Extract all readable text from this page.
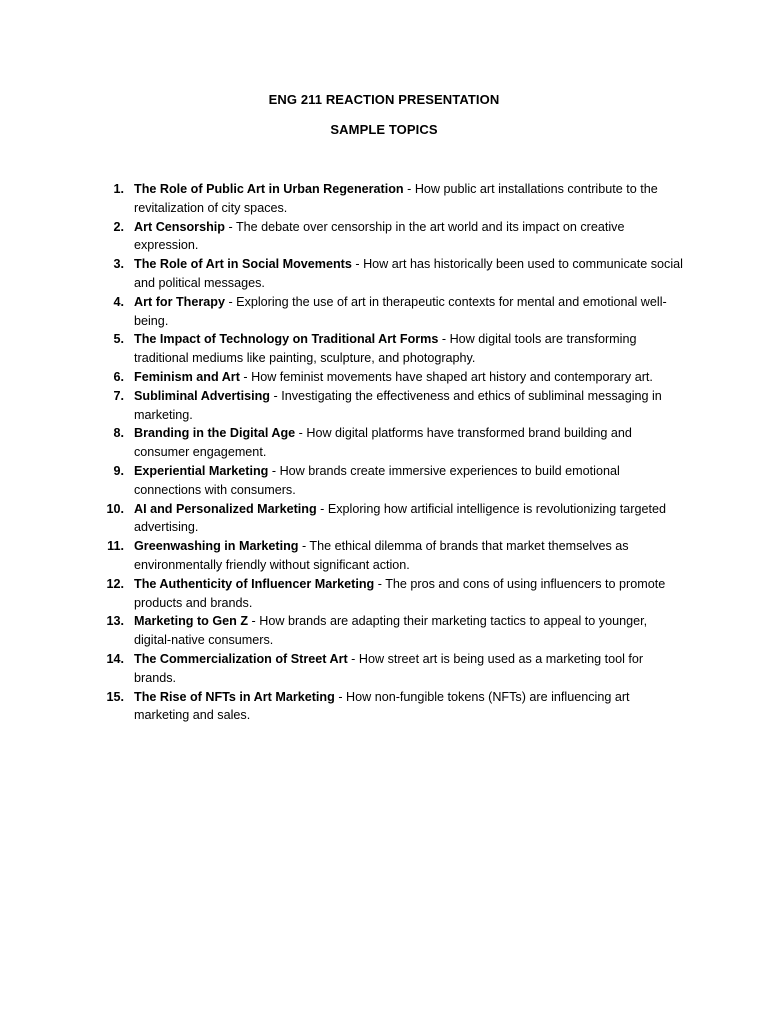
ENG 211 REACTION PRESENTATION
SAMPLE TOPICS
1 . The Role of Public Art in Urban Regeneration - How public art installations contribute to the revitalization of city spaces.
2 . Art Censorship - The debate over censorship in the art world and its impact on creative expression.
3 . The Role of Art in Social Movements - How art has historically been used to communicate social and political messages.
4 . Art for Therapy - Exploring the use of art in therapeutic contexts for mental and emotional well-being.
5 . The Impact of Technology on Traditional Art Forms - How digital tools are transforming traditional mediums like painting, sculpture, and photography.
6 . Feminism and Art - How feminist movements have shaped art history and contemporary art.
7 . Subliminal Advertising - Investigating the effectiveness and ethics of subliminal messaging in marketing.
8 . Branding in the Digital Age - How digital platforms have transformed brand building and consumer engagement.
9 . Experiential Marketing - How brands create immersive experiences to build emotional connections with consumers.
10 . AI and Personalized Marketing - Exploring how artificial intelligence is revolutionizing targeted advertising.
11 . Greenwashing in Marketing - The ethical dilemma of brands that market themselves as environmentally friendly without significant action.
12 . The Authenticity of Influencer Marketing - The pros and cons of using influencers to promote products and brands.
13 . Marketing to Gen Z - How brands are adapting their marketing tactics to appeal to younger, digital-native consumers.
14 . The Commercialization of Street Art - How street art is being used as a marketing tool for brands.
15 . The Rise of NFTs in Art Marketing - How non-fungible tokens (NFTs) are influencing art marketing and sales.
